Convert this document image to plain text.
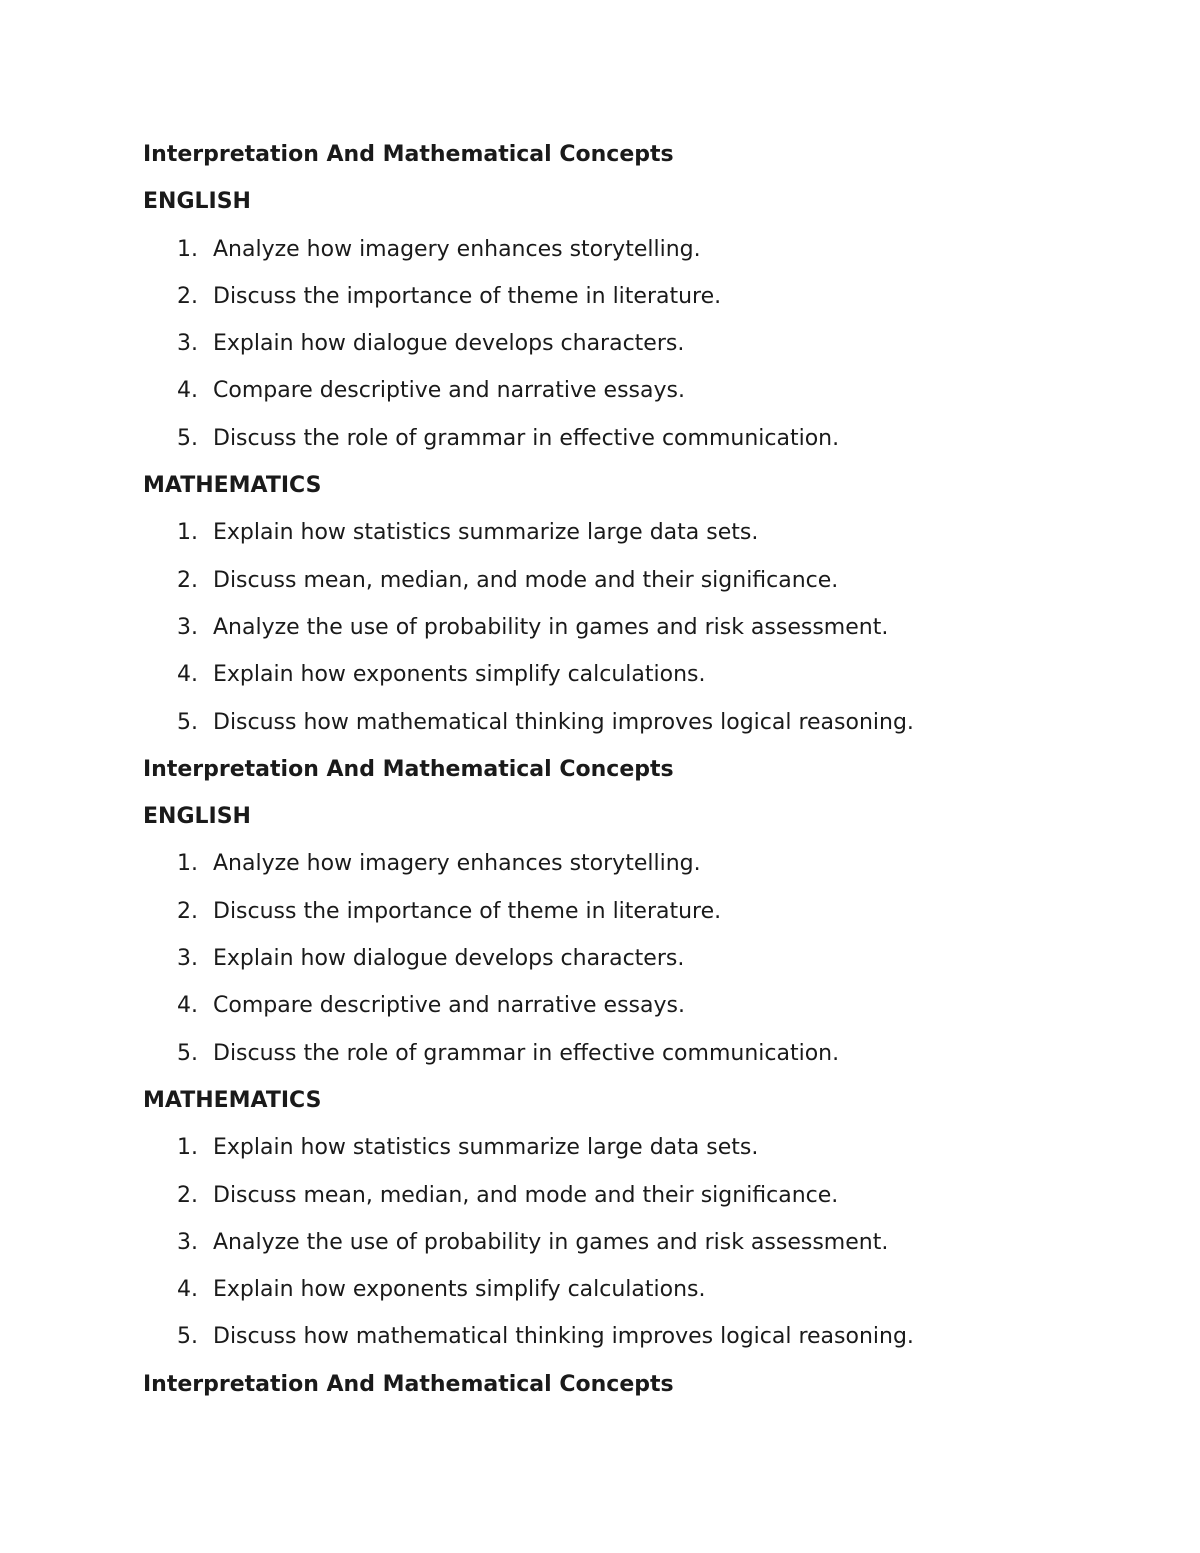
Interpretation And Mathematical Concepts
ENGLISH
1. Analyze how imagery enhances storytelling.
2. Discuss the importance of theme in literature.
3. Explain how dialogue develops characters.
4. Compare descriptive and narrative essays.
5. Discuss the role of grammar in effective communication.
MATHEMATICS
1. Explain how statistics summarize large data sets.
2. Discuss mean, median, and mode and their significance.
3. Analyze the use of probability in games and risk assessment.
4. Explain how exponents simplify calculations.
5. Discuss how mathematical thinking improves logical reasoning.
Interpretation And Mathematical Concepts
ENGLISH
1. Analyze how imagery enhances storytelling.
2. Discuss the importance of theme in literature.
3. Explain how dialogue develops characters.
4. Compare descriptive and narrative essays.
5. Discuss the role of grammar in effective communication.
MATHEMATICS
1. Explain how statistics summarize large data sets.
2. Discuss mean, median, and mode and their significance.
3. Analyze the use of probability in games and risk assessment.
4. Explain how exponents simplify calculations.
5. Discuss how mathematical thinking improves logical reasoning.
Interpretation And Mathematical Concepts
